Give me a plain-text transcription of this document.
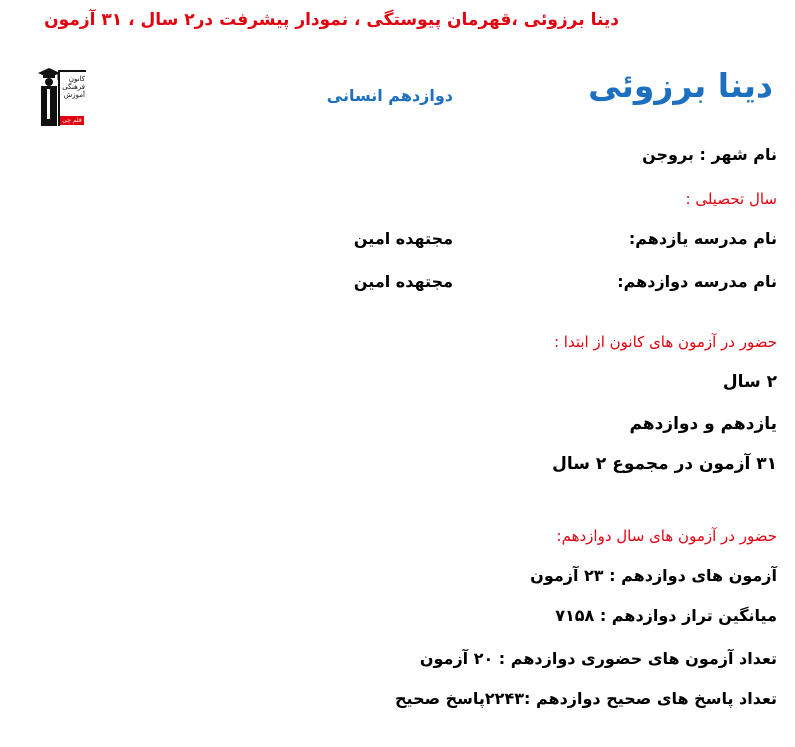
دینا برزوئی ،قهرمان پیوستگی ، نمودار پیشرفت در۲ سال ، ۳۱ آزمون
دینا برزوئی
دوازدهم انسانی
کانون
فرهنگی
آموزش
قلم چی
نام شهر : بروجن
سال تحصیلی :
نام مدرسه یازدهم:
مجتهده امین
نام مدرسه دوازدهم:
مجتهده امین
حضور در آزمون های کانون از ابتدا :
۲ سال
یازدهم و دوازدهم
۳۱ آزمون در مجموع ۲ سال
حضور در آزمون های سال دوازدهم:
آزمون های دوازدهم : ۲۳ آزمون
میانگین تراز دوازدهم : ۷۱۵۸
تعداد آزمون های حضوری دوازدهم : ۲۰ آزمون
تعداد پاسخ های صحیح دوازدهم :۲۲۴۳پاسخ صحیح
